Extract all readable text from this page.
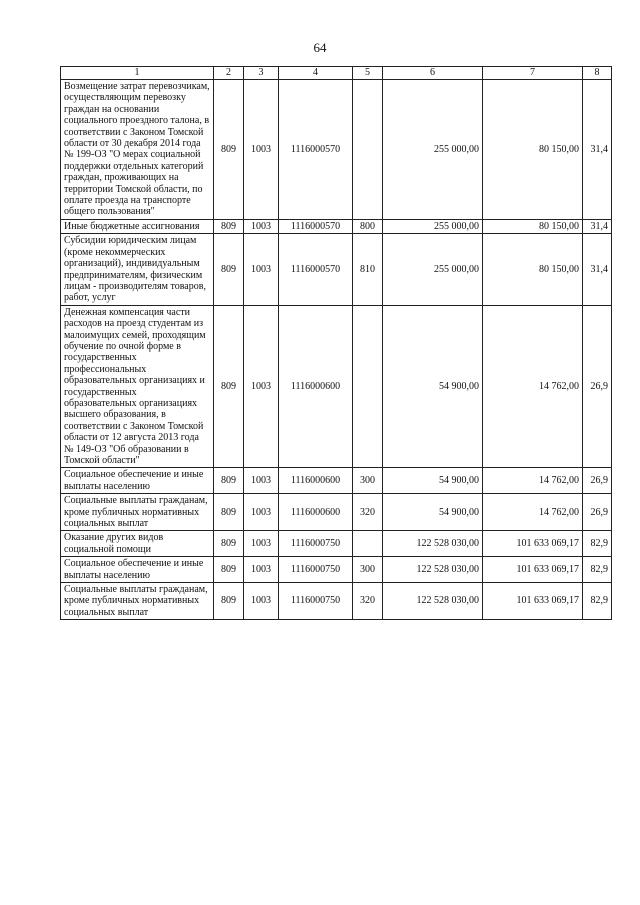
64
1	2	3	4	5	6	7	8
Возмещение затрат перевозчикам, осуществляющим перевозку граждан на основании социального проездного талона, в соответствии с Законом Томской области от 30 декабря 2014 года № 199-ОЗ "О мерах социальной поддержки отдельных категорий граждан, проживающих на территории Томской области, по оплате проезда на транспорте общего пользования"	809	1003	1116000570		255 000,00	80 150,00	31,4
Иные бюджетные ассигнования	809	1003	1116000570	800	255 000,00	80 150,00	31,4
Субсидии юридическим лицам (кроме некоммерческих организаций), индивидуальным предпринимателям, физическим лицам - производителям товаров, работ, услуг	809	1003	1116000570	810	255 000,00	80 150,00	31,4
Денежная компенсация части расходов на проезд студентам из малоимущих семей, проходящим обучение по очной форме в государственных профессиональных образовательных организациях и государственных образовательных организациях высшего образования, в соответствии с Законом Томской области от 12 августа 2013 года № 149-ОЗ "Об образовании в Томской области"	809	1003	1116000600		54 900,00	14 762,00	26,9
Социальное обеспечение и иные выплаты населению	809	1003	1116000600	300	54 900,00	14 762,00	26,9
Социальные выплаты гражданам, кроме публичных нормативных социальных выплат	809	1003	1116000600	320	54 900,00	14 762,00	26,9
Оказание других видов социальной помощи	809	1003	1116000750		122 528 030,00	101 633 069,17	82,9
Социальное обеспечение и иные выплаты населению	809	1003	1116000750	300	122 528 030,00	101 633 069,17	82,9
Социальные выплаты гражданам, кроме публичных нормативных социальных выплат	809	1003	1116000750	320	122 528 030,00	101 633 069,17	82,9
